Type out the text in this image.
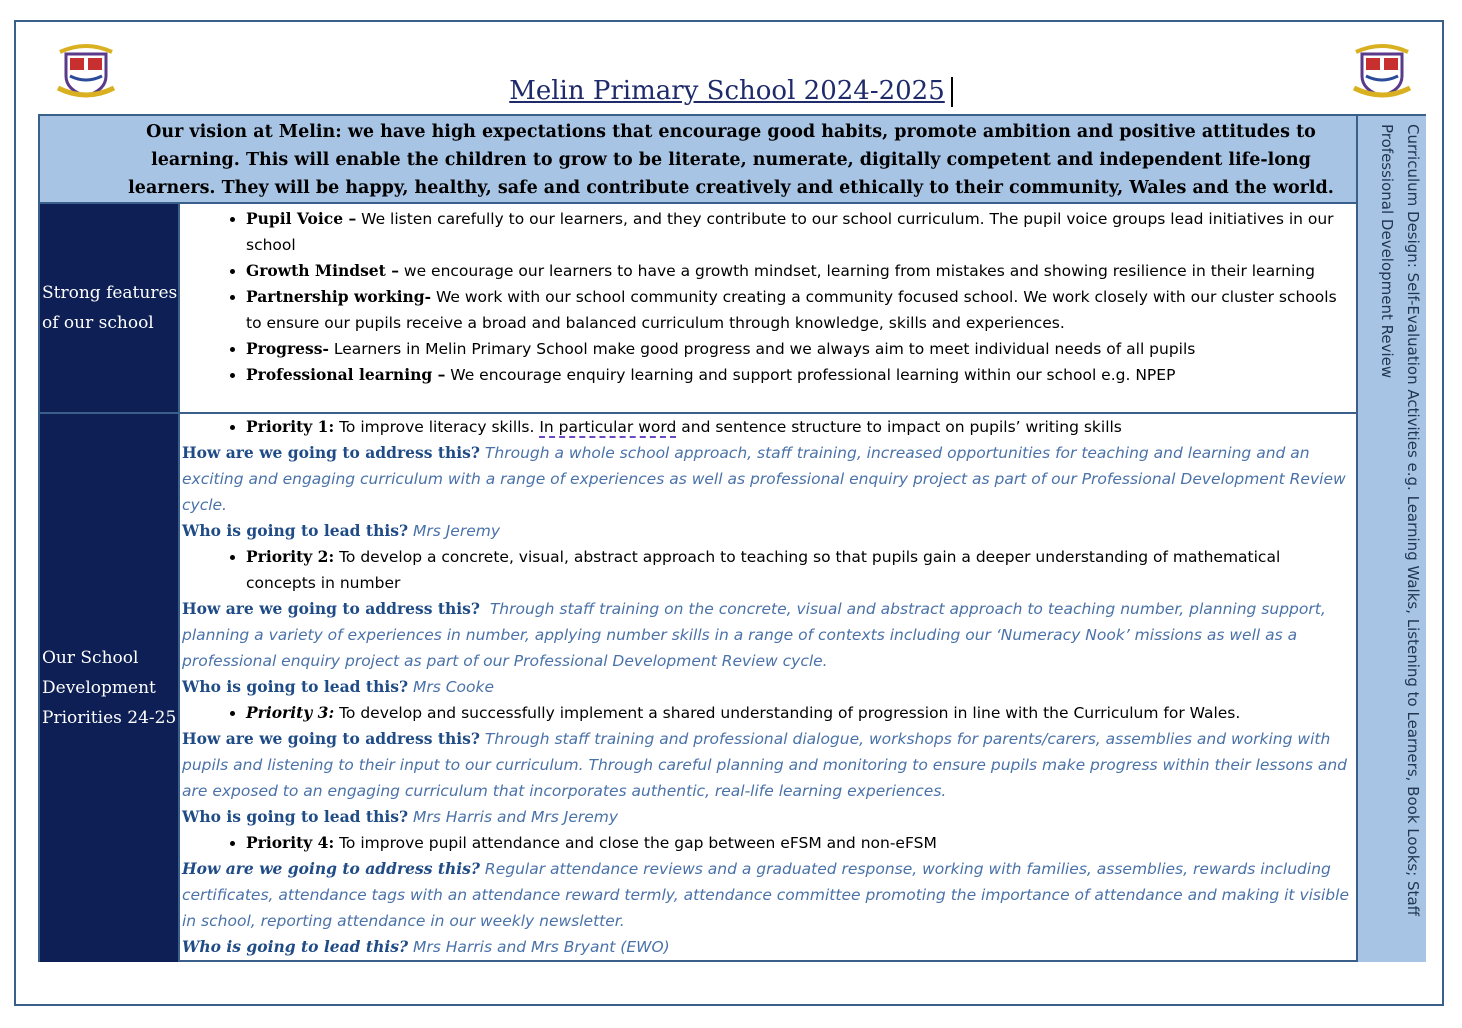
Melin Primary School 2024-2025
Our vision at Melin: we have high expectations that encourage good habits, promote ambition and positive attitudes to learning. This will enable the children to grow to be literate, numerate, digitally competent and independent life-long learners. They will be happy, healthy, safe and contribute creatively and ethically to their community, Wales and the world.	Curriculum Design: Self-Evaluation Activities e.g. Learning Walks, Listening to Learners, Book Looks; Staff Professional Development Review
Strong features of our school
Our School Development Priorities 24-25
• Pupil Voice – We listen carefully to our learners, and they contribute to our school curriculum. The pupil voice groups lead initiatives in our school
• Growth Mindset – we encourage our learners to have a growth mindset, learning from mistakes and showing resilience in their learning
• Partnership working- We work with our school community creating a community focused school. We work closely with our cluster schools to ensure our pupils receive a broad and balanced curriculum through knowledge, skills and experiences.
• Progress- Learners in Melin Primary School make good progress and we always aim to meet individual needs of all pupils
• Professional learning – We encourage enquiry learning and support professional learning within our school e.g. NPEP
• Priority 1: To improve literacy skills. In particular word and sentence structure to impact on pupils’ writing skills
How are we going to address this? Through a whole school approach, staff training, increased opportunities for teaching and learning and an exciting and engaging curriculum with a range of experiences as well as professional enquiry project as part of our Professional Development Review cycle.
Who is going to lead this? Mrs Jeremy
• Priority 2: To develop a concrete, visual, abstract approach to teaching so that pupils gain a deeper understanding of mathematical concepts in number
How are we going to address this? Through staff training on the concrete, visual and abstract approach to teaching number, planning support, planning a variety of experiences in number, applying number skills in a range of contexts including our ‘Numeracy Nook’ missions as well as a professional enquiry project as part of our Professional Development Review cycle.
Who is going to lead this? Mrs Cooke
• Priority 3: To develop and successfully implement a shared understanding of progression in line with the Curriculum for Wales.
How are we going to address this? Through staff training and professional dialogue, workshops for parents/carers, assemblies and working with pupils and listening to their input to our curriculum. Through careful planning and monitoring to ensure pupils make progress within their lessons and are exposed to an engaging curriculum that incorporates authentic, real-life learning experiences.
Who is going to lead this? Mrs Harris and Mrs Jeremy
• Priority 4: To improve pupil attendance and close the gap between eFSM and non-eFSM
How are we going to address this? Regular attendance reviews and a graduated response, working with families, assemblies, rewards including certificates, attendance tags with an attendance reward termly, attendance committee promoting the importance of attendance and making it visible in school, reporting attendance in our weekly newsletter.
Who is going to lead this? Mrs Harris and Mrs Bryant (EWO)
